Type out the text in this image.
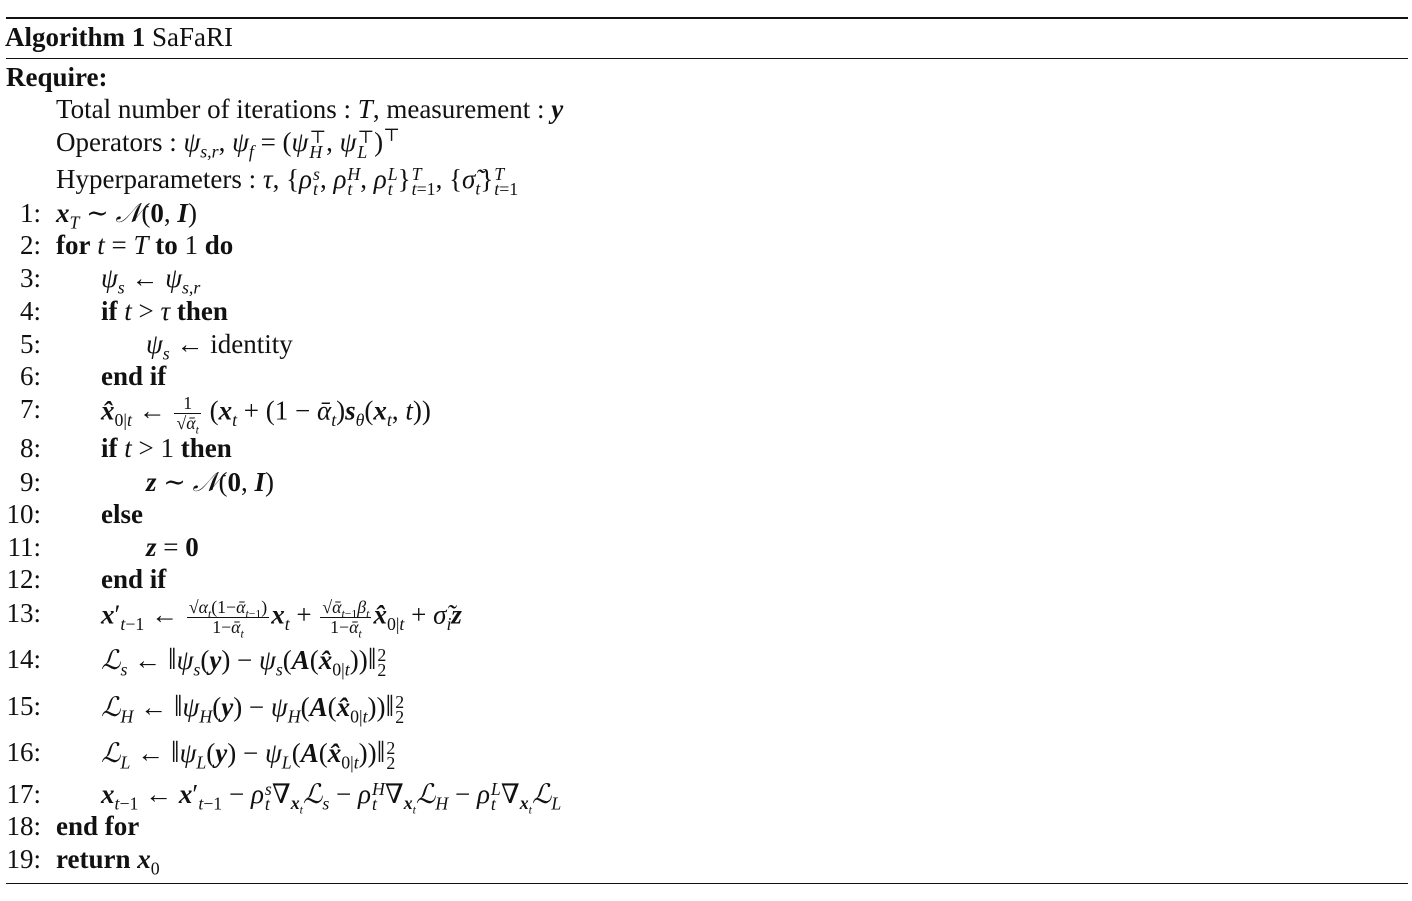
Algorithm 1 SaFaRI
Require:
Total number of iterations : T, measurement : y
Operators : $\psi_{s,r}$, $\psi_f = (\psi$ ⊤
H , ψ ⊤
L )⊤
Hyperparameters : τ, {ρ s
t , ρ H
t , ρ L
t } T
t=1 , $\{\sigmã_t\}$ T
t=1
1: $x_T$ ∼ 𝒩(0, I)
2: for t = T to 1 do
3: $\psi_s$ ← $\psi_{s,r}$
4: if t > τ then
5:	$\psi_s$ ← identity
6: end if
7: $x̂_{0|t}$ ← $\frac{1}{√ᾱ_t} (x_t + (1$ − $ᾱ_t)s_\theta(x_t$, t))
8: if t > 1 then
9:	z ∼ 𝒩(0, I)
10: else
11:	z = 0
12: end if
13: $x'_{t-1}$ ← $\frac{√\alpha_t(1-ᾱ_{t-1})}{1-ᾱ_t} x_t + \frac{√ᾱ_{t-1}\beta_t}{1-ᾱ_t}$ $x̂_{0|t}$ + $\sigmã_iz$
14: ℒ$_s$ ← $‖\psi_s(y)$ − $\psi_s(A(x̂_{0|t}))‖$ 2
2
15: ℒ$_H$ ← $‖\psi_H(y)$ − $\psi_H(A(x̂_{0|t}))‖$ 2
2
16: ℒ$_L$ ← $‖\psi_L(y)$ − $\psi_L(A(x̂_{0|t}))‖$ 2
2
17: $x_{t-1}$ ← $x'_{t-1} - \rho$ s
t $\nabla_{x_t}ℒ_s - \rho$ H
t $\nabla_{x_t}ℒ_H - \rho$ L
t $\nabla_{x_t}ℒ_L$
18: end for
19: return $x_0$
